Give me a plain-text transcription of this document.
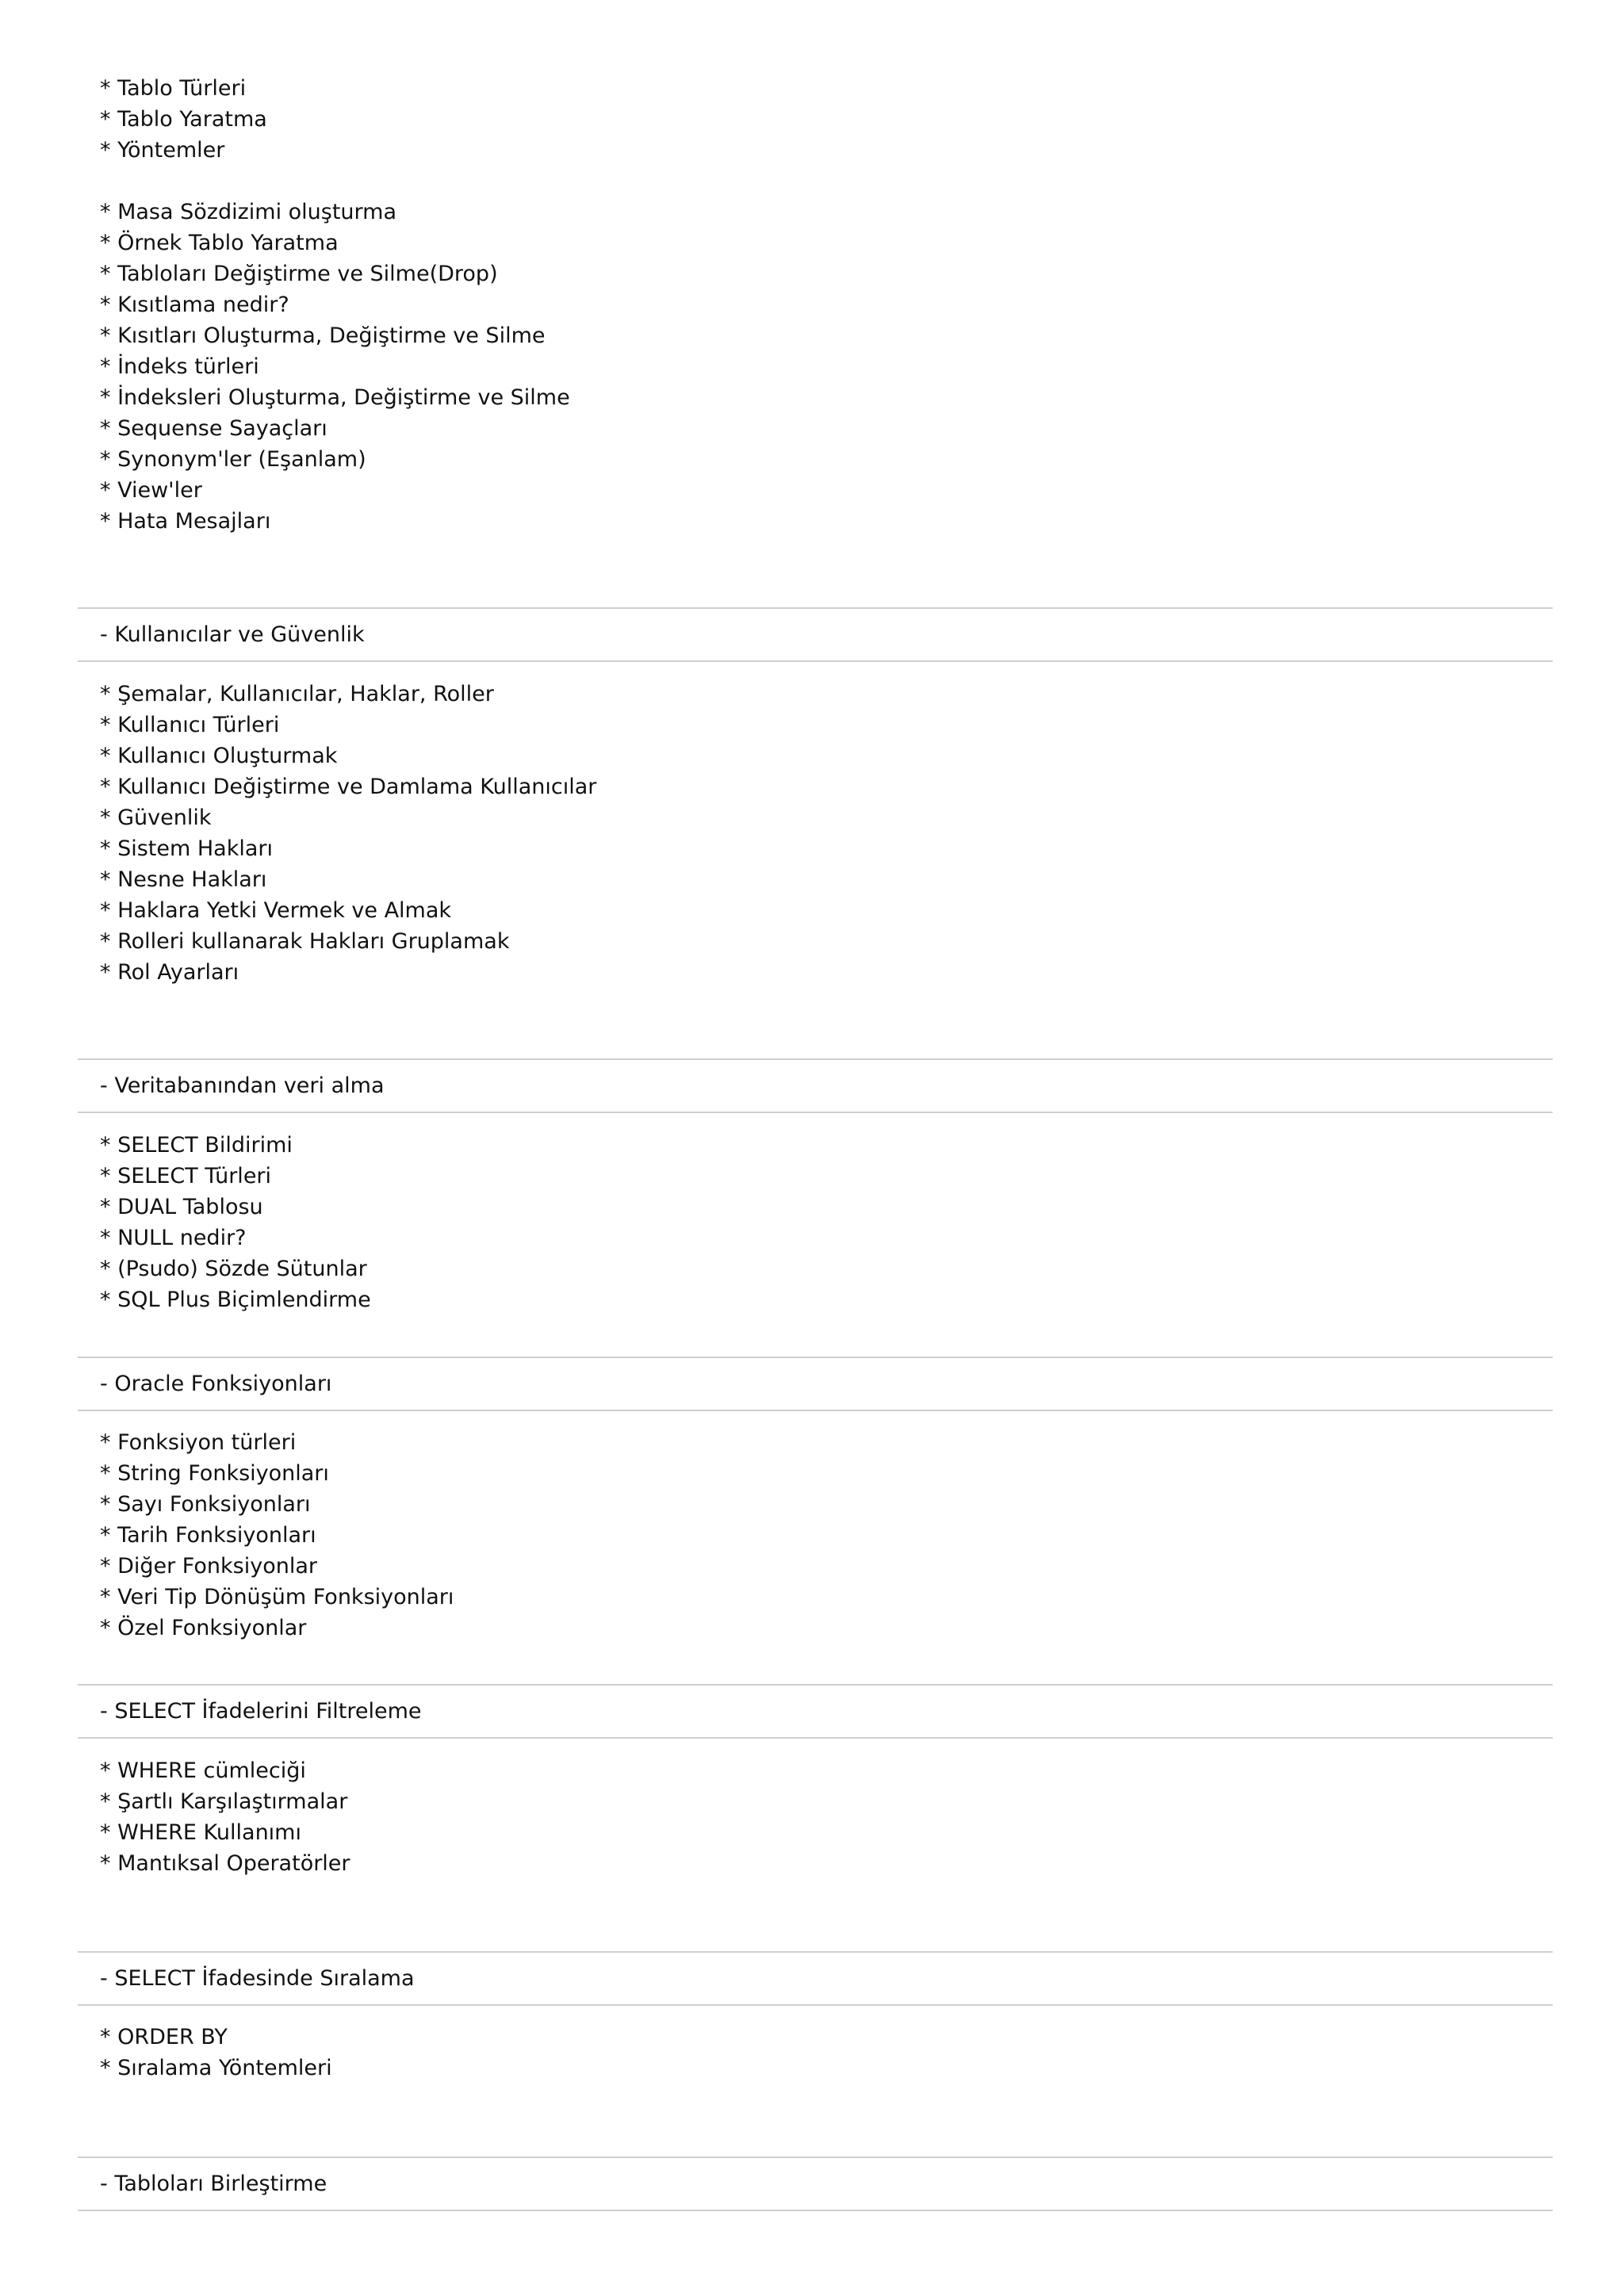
* Tablo Türleri
* Tablo Yaratma
* Yöntemler
* Masa Sözdizimi oluşturma
* Örnek Tablo Yaratma
* Tabloları Değiştirme ve Silme(Drop)
* Kısıtlama nedir?
* Kısıtları Oluşturma, Değiştirme ve Silme
* İndeks türleri
* İndeksleri Oluşturma, Değiştirme ve Silme
* Sequense Sayaçları
* Synonym'ler (Eşanlam)
* View'ler
* Hata Mesajları
- Kullanıcılar ve Güvenlik
* Şemalar, Kullanıcılar, Haklar, Roller
* Kullanıcı Türleri
* Kullanıcı Oluşturmak
* Kullanıcı Değiştirme ve Damlama Kullanıcılar
* Güvenlik
* Sistem Hakları
* Nesne Hakları
* Haklara Yetki Vermek ve Almak
* Rolleri kullanarak Hakları Gruplamak
* Rol Ayarları
- Veritabanından veri alma
* SELECT Bildirimi
* SELECT Türleri
* DUAL Tablosu
* NULL nedir?
* (Psudo) Sözde Sütunlar
* SQL Plus Biçimlendirme
- Oracle Fonksiyonları
* Fonksiyon türleri
* String Fonksiyonları
* Sayı Fonksiyonları
* Tarih Fonksiyonları
* Diğer Fonksiyonlar
* Veri Tip Dönüşüm Fonksiyonları
* Özel Fonksiyonlar
- SELECT İfadelerini Filtreleme
* WHERE cümleciği
* Şartlı Karşılaştırmalar
* WHERE Kullanımı
* Mantıksal Operatörler
- SELECT İfadesinde Sıralama
* ORDER BY
* Sıralama Yöntemleri
- Tabloları Birleştirme
